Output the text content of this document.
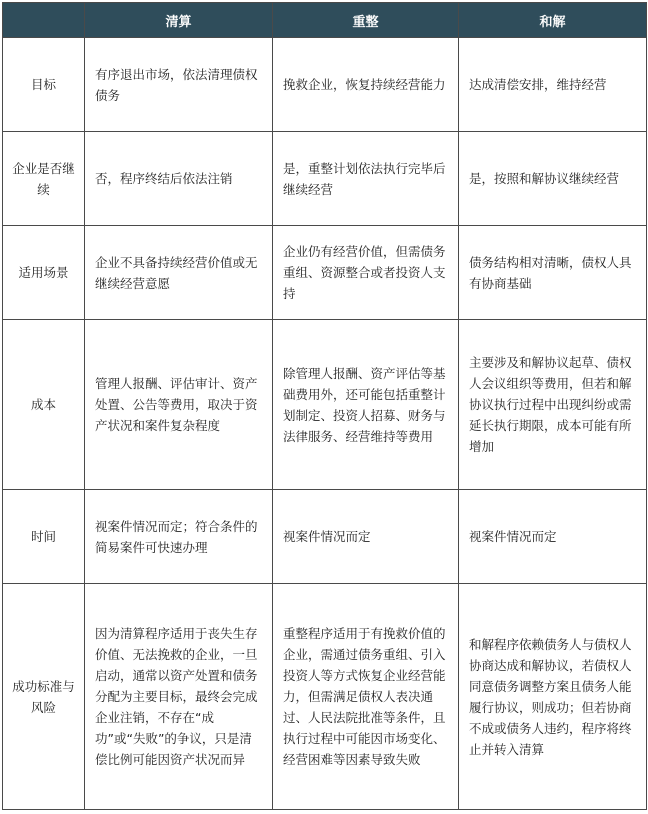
	清算	重整	和解

目标	有序退出市场，依法清理债权债务	挽救企业，恢复持续经营能力	达成清偿安排，维持经营

企业是否继续	否，程序终结后依法注销	是，重整计划依法执行完毕后继续经营	是，按照和解协议继续经营

适用场景	企业不具备持续经营价值或无继续经营意愿	企业仍有经营价值，但需债务重组、资源整合或者投资人支持	债务结构相对清晰，债权人具有协商基础

成本	管理人报酬、评估审计、资产处置、公告等费用，取决于资产状况和案件复杂程度	除管理人报酬、资产评估等基础费用外，还可能包括重整计划制定、投资人招募、财务与法律服务、经营维持等费用	主要涉及和解协议起草、债权人会议组织等费用，但若和解协议执行过程中出现纠纷或需延长执行期限，成本可能有所增加

时间	视案件情况而定；符合条件的简易案件可快速办理	视案件情况而定	视案件情况而定

成功标准与风险	因为清算程序适用于丧失生存价值、无法挽救的企业，一旦启动，通常以资产处置和债务分配为主要目标，最终会完成企业注销，不存在“成功”或“失败”的争议，只是清偿比例可能因资产状况而异	重整程序适用于有挽救价值的企业，需通过债务重组、引入投资人等方式恢复企业经营能力，但需满足债权人表决通过、人民法院批准等条件，且执行过程中可能因市场变化、经营困难等因素导致失败	和解程序依赖债务人与债权人协商达成和解协议，若债权人同意债务调整方案且债务人能履行协议，则成功；但若协商不成或债务人违约，程序将终止并转入清算
